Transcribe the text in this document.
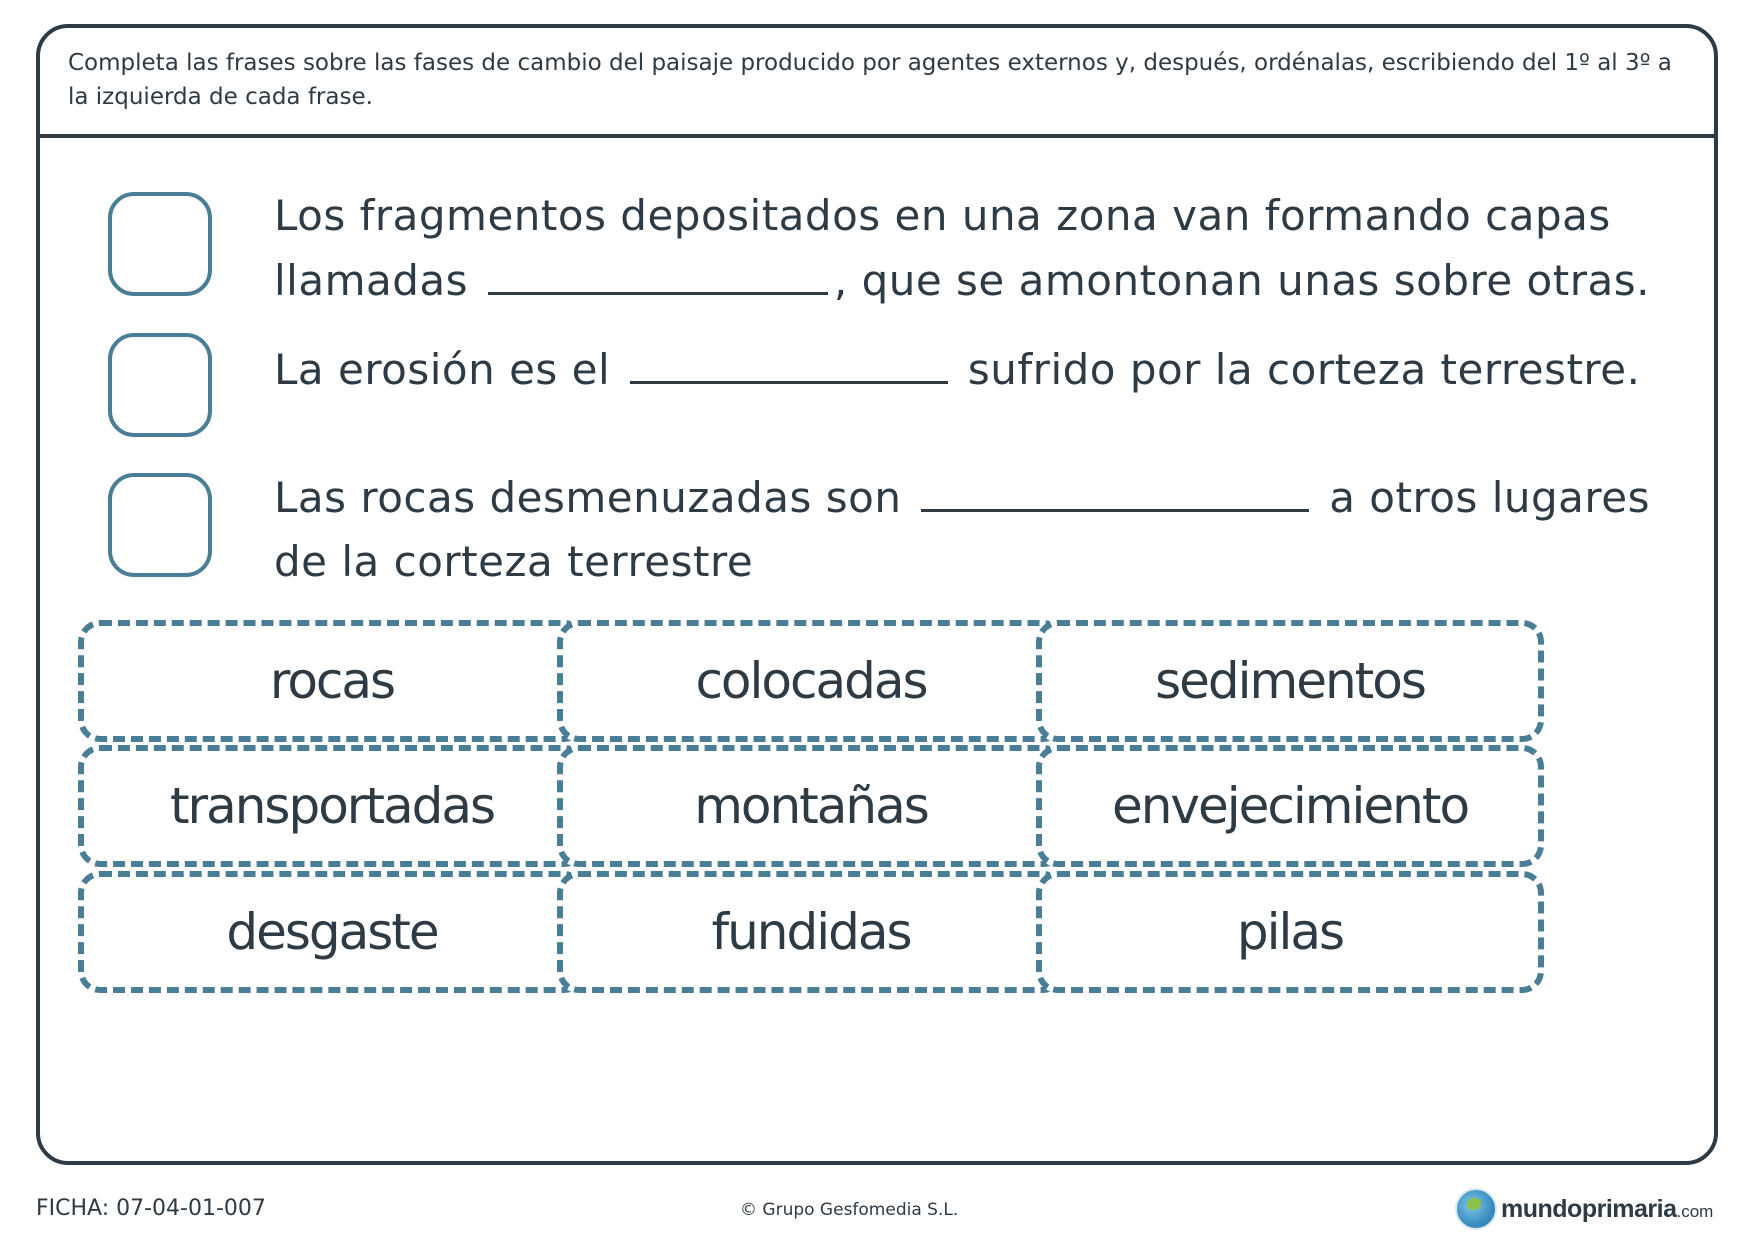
Completa las frases sobre las fases de cambio del paisaje producido por agentes externos y, después, ordénalas, escribiendo del 1º al 3º a la izquierda de cada frase.
Los fragmentos depositados en una zona van formando capas
llamadas	, que se amontonan unas sobre otras.
La erosión es el	sufrido por la corteza terrestre.
Las rocas desmenuzadas son	a otros lugares
de la corteza terrestre
rocas	colocadas	sedimentos
transportadas	montañas	envejecimiento
desgaste	fundidas	pilas
FICHA: 07-04-01-007	© Grupo Gesfomedia S.L.	mundoprimaria .com
